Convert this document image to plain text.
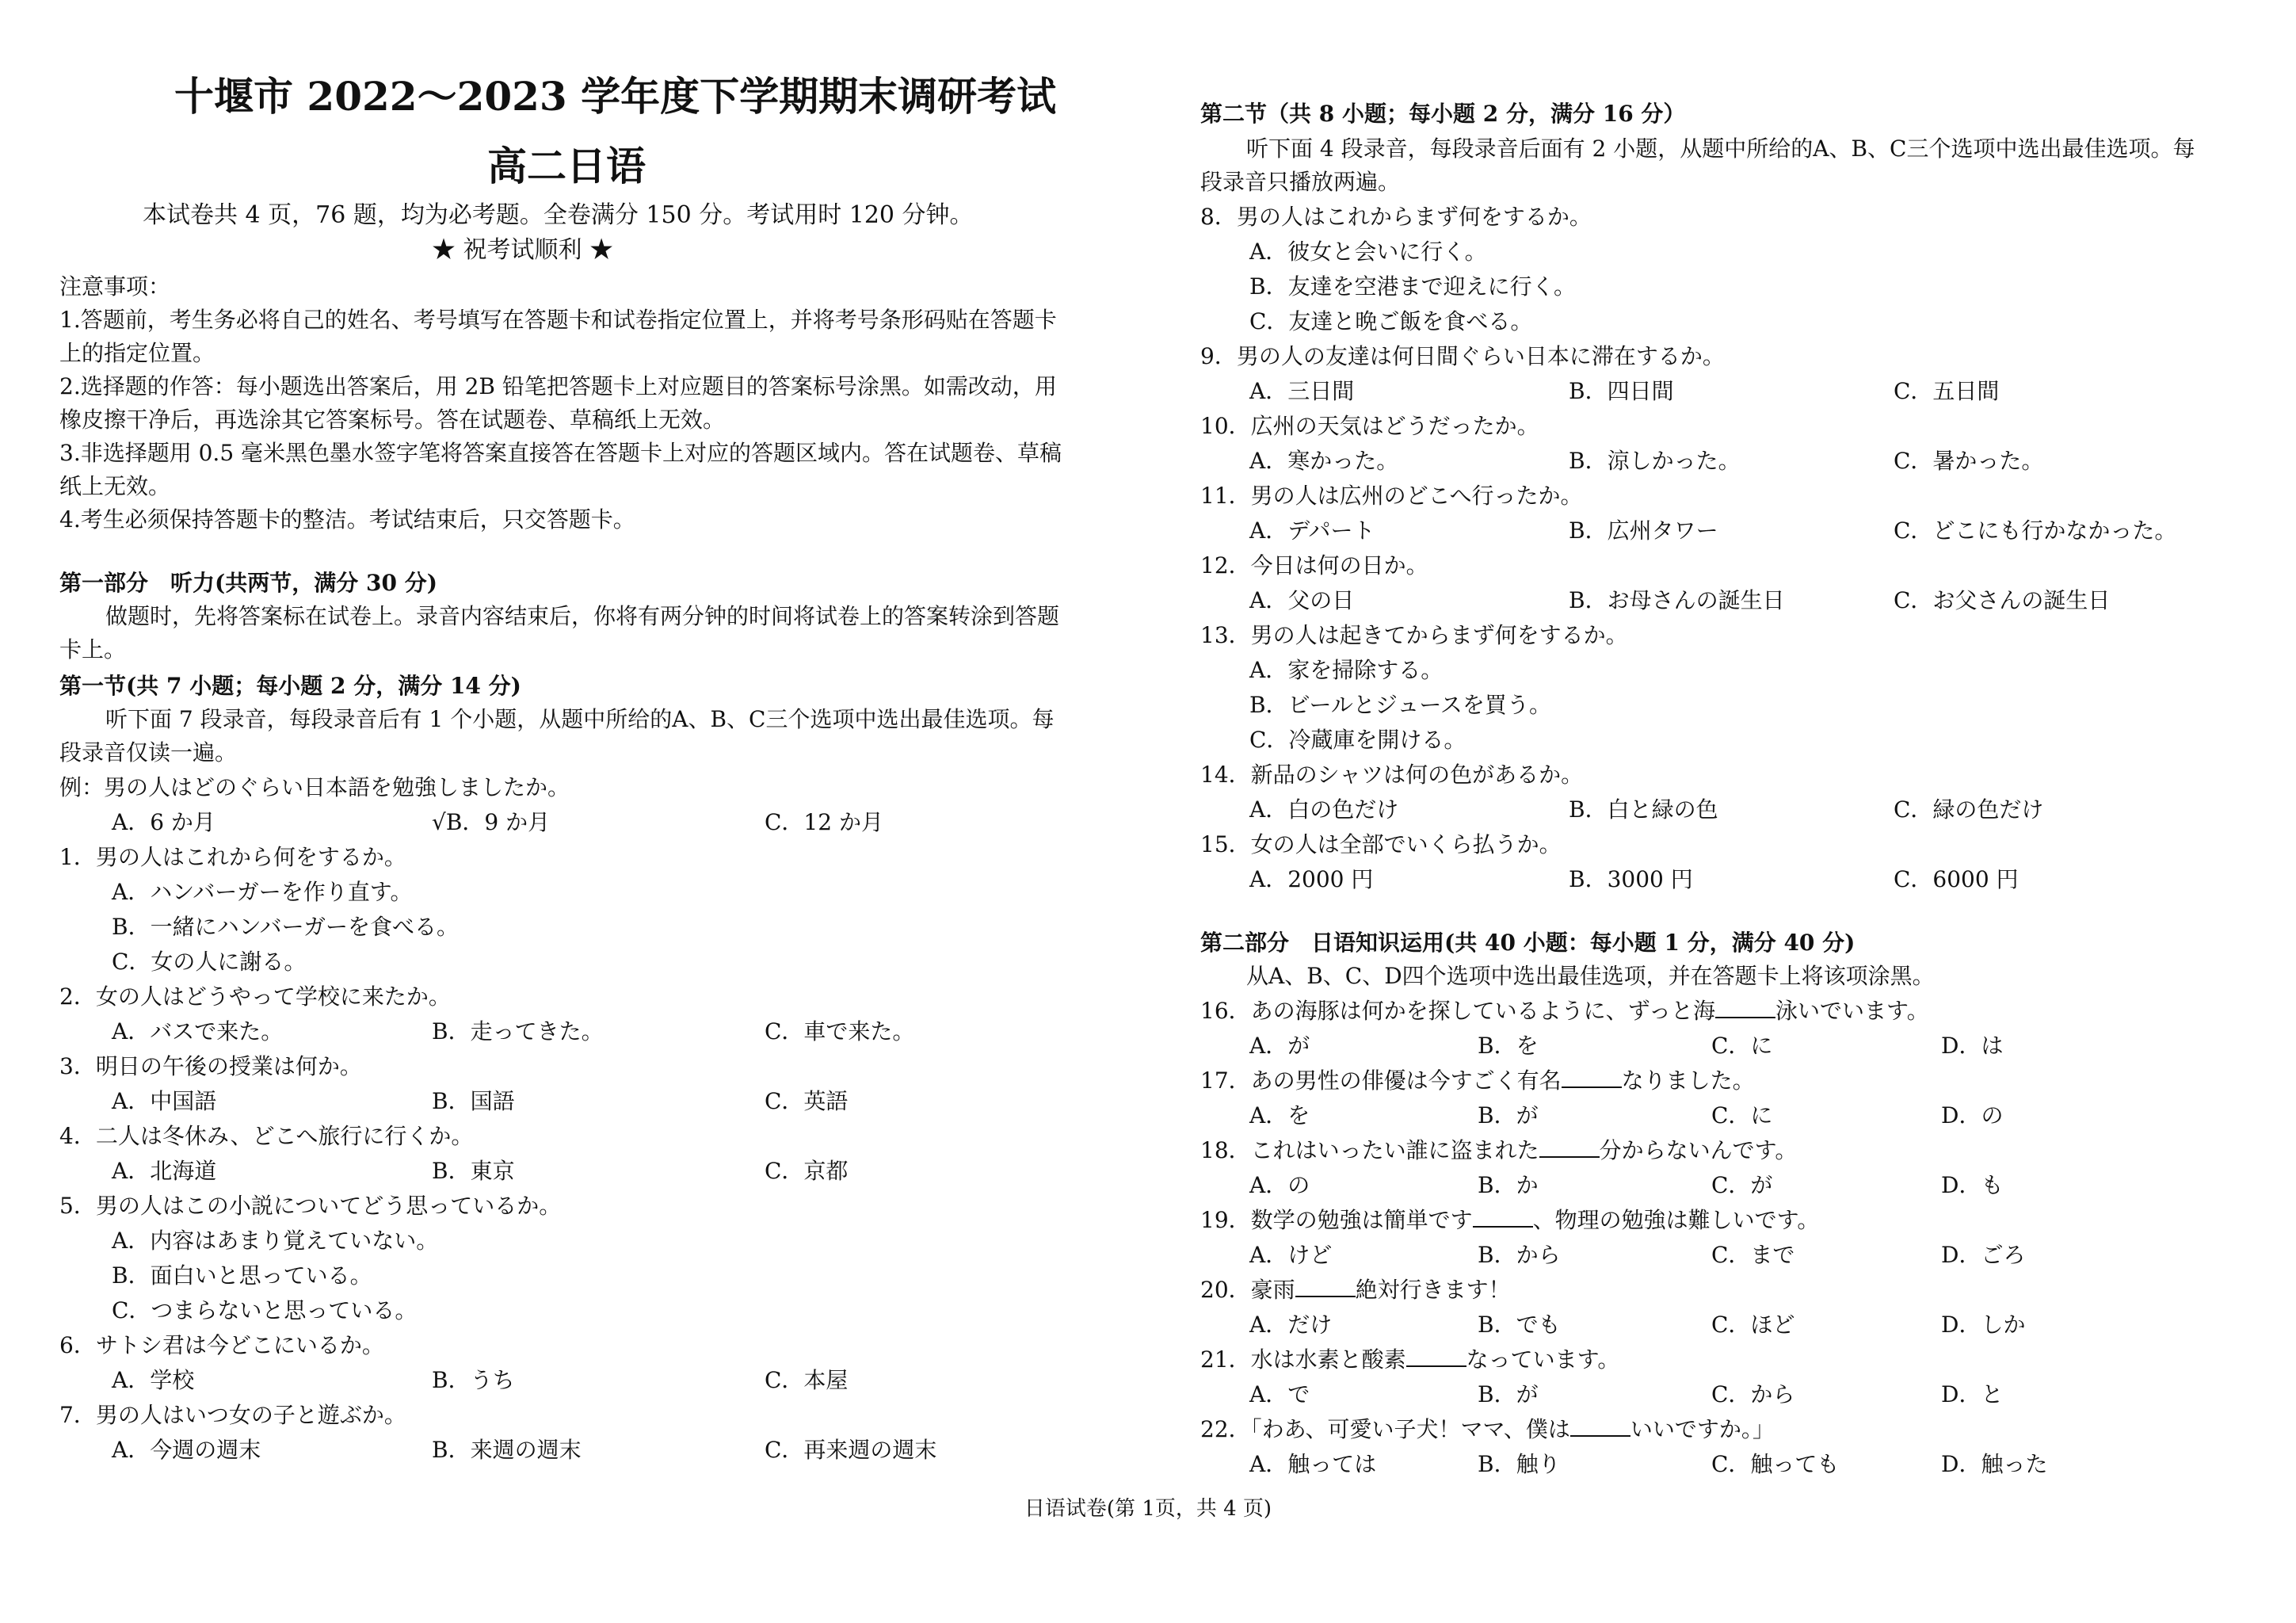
十堰市 2022～2023 学年度下学期期末调研考试
高二日语
本试卷共 4 页，76 题，均为必考题。全卷满分 150 分。考试用时 120 分钟。
★ 祝考试顺利 ★
注意事项：
1.答题前，考生务必将自己的姓名、考号填写在答题卡和试卷指定位置上，并将考号条形码贴在答题卡
上的指定位置。
2.选择题的作答：每小题选出答案后，用 2B 铅笔把答题卡上对应题目的答案标号涂黑。如需改动，用
橡皮擦干净后，再选涂其它答案标号。答在试题卷、草稿纸上无效。
3.非选择题用 0.5 毫米黑色墨水签字笔将答案直接答在答题卡上对应的答题区域内。答在试题卷、草稿
纸上无效。
4.考生必须保持答题卡的整洁。考试结束后，只交答题卡。
第一部分　听力(共两节，满分 30 分)
做题时，先将答案标在试卷上。录音内容结束后，你将有两分钟的时间将试卷上的答案转涂到答题
卡上。
第一节(共 7 小题；每小题 2 分，满分 14 分)
听下面 7 段录音，每段录音后有 1 个小题，从题中所给的A、B、C三个选项中选出最佳选项。每
段录音仅读一遍。
例：男の人はどのぐらい日本語を勉強しましたか。
A．6 か月	√B．9 か月	C．12 か月
1．男の人はこれから何をするか。
A．ハンバーガーを作り直す。
B．一緒にハンバーガーを食べる。
C．女の人に謝る。
2．女の人はどうやって学校に来たか。
A．バスで来た。	B．走ってきた。	C．車で来た。
3．明日の午後の授業は何か。
A．中国語	B．国語	C．英語
4．二人は冬休み、どこへ旅行に行くか。
A．北海道	B．東京	C．京都
5．男の人はこの小説についてどう思っているか。
A．内容はあまり覚えていない。
B．面白いと思っている。
C．つまらないと思っている。
6．サトシ君は今どこにいるか。
A．学校	B．うち	C．本屋
7．男の人はいつ女の子と遊ぶか。
A．今週の週末	B．来週の週末	C．再来週の週末
第二节（共 8 小题；每小题 2 分，满分 16 分）
听下面 4 段录音，每段录音后面有 2 小题，从题中所给的A、B、C三个选项中选出最佳选项。每
段录音只播放两遍。
8．男の人はこれからまず何をするか。
A．彼女と会いに行く。
B．友達を空港まで迎えに行く。
C．友達と晩ご飯を食べる。
9．男の人の友達は何日間ぐらい日本に滞在するか。
A．三日間	B．四日間	C．五日間
10．広州の天気はどうだったか。
A．寒かった。	B．涼しかった。	C．暑かった。
11．男の人は広州のどこへ行ったか。
A．デパート	B．広州タワー	C．どこにも行かなかった。
12．今日は何の日か。
A．父の日	B．お母さんの誕生日	C．お父さんの誕生日
13．男の人は起きてからまず何をするか。
A．家を掃除する。
B．ビールとジュースを買う。
C．冷蔵庫を開ける。
14．新品のシャツは何の色があるか。
A．白の色だけ	B．白と緑の色	C．緑の色だけ
15．女の人は全部でいくら払うか。
A．2000 円	B．3000 円	C．6000 円
第二部分　日语知识运用(共 40 小题：每小题 1 分，满分 40 分)
从A、B、C、D四个选项中选出最佳选项，并在答题卡上将该项涂黑。
16．あの海豚は何かを探しているように、ずっと海	泳いでいます。
A．が	B．を	C．に	D．は
17．あの男性の俳優は今すごく有名	なりました。
A．を	B．が	C．に	D．の
18．これはいったい誰に盗まれた	分からないんです。
A．の	B．か	C．が	D．も
19．数学の勉強は簡単です	、物理の勉強は難しいです。
A．けど	B．から	C．まで	D．ごろ
20．豪雨	絶対行きます！
A．だけ	B．でも	C．ほど	D．しか
21．水は水素と酸素	なっています。
A．で	B．が	C．から	D．と
22．「わあ、可愛い子犬！ママ、僕は	いいですか。」
A．触っては	B．触り	C．触っても	D．触った
日语试卷(第 1页，共 4 页)
